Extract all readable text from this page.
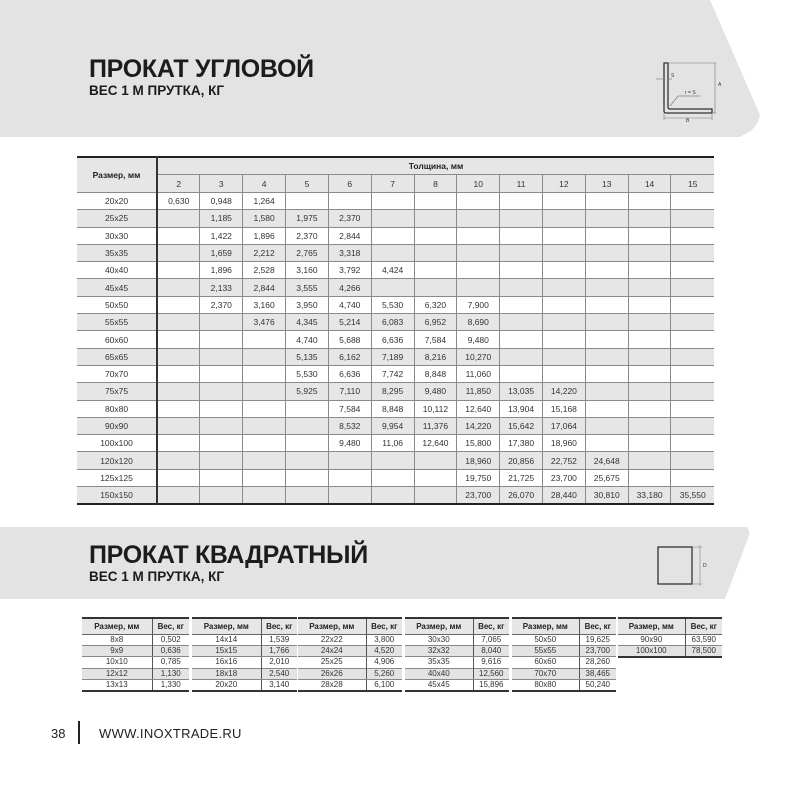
ПРОКАТ УГЛОВОЙ
ВЕС 1 М ПРУТКА, КГ
S
r = S
A
B
Размер, мм	Толщина, мм												
	2	3	4	5	6	7	8	10	11	12	13	14	15
20x20	0,630	0,948	1,264										
25x25		1,185	1,580	1,975	2,370								
30x30		1,422	1,896	2,370	2,844								
35x35		1,659	2,212	2,765	3,318								
40x40		1,896	2,528	3,160	3,792	4,424							
45x45		2,133	2,844	3,555	4,266								
50x50		2,370	3,160	3,950	4,740	5,530	6,320	7,900					
55x55			3,476	4,345	5,214	6,083	6,952	8,690					
60x60				4,740	5,688	6,636	7,584	9,480					
65x65				5,135	6,162	7,189	8,216	10,270					
70x70				5,530	6,636	7,742	8,848	11,060					
75x75				5,925	7,110	8,295	9,480	11,850	13,035	14,220			
80x80					7,584	8,848	10,112	12,640	13,904	15,168			
90x90					8,532	9,954	11,376	14,220	15,642	17,064			
100x100					9,480	11,06	12,640	15,800	17,380	18,960			
120x120								18,960	20,856	22,752	24,648		
125x125								19,750	21,725	23,700	25,675		
150x150								23,700	26,070	28,440	30,810	33,180	35,550
ПРОКАТ КВАДРАТНЫЙ
ВЕС 1 М ПРУТКА, КГ
D
Размер, мм	Вес, кг
8x8	0,502
9x9	0,636
10x10	0,785
12x12	1,130
13x13	1,330
Размер, мм	Вес, кг
14x14	1,539
15x15	1,766
16x16	2,010
18x18	2,540
20x20	3,140
Размер, мм	Вес, кг
22x22	3,800
24x24	4,520
25x25	4,906
26x26	5,260
28x28	6,100
Размер, мм	Вес, кг
30x30	7,065
32x32	8,040
35x35	9,616
40x40	12,560
45x45	15,896
Размер, мм	Вес, кг
50x50	19,625
55x55	23,700
60x60	28,260
70x70	38,465
80x80	50,240
Размер, мм	Вес, кг
90x90	63,590
100x100	78,500
38	WWW.INOXTRADE.RU
